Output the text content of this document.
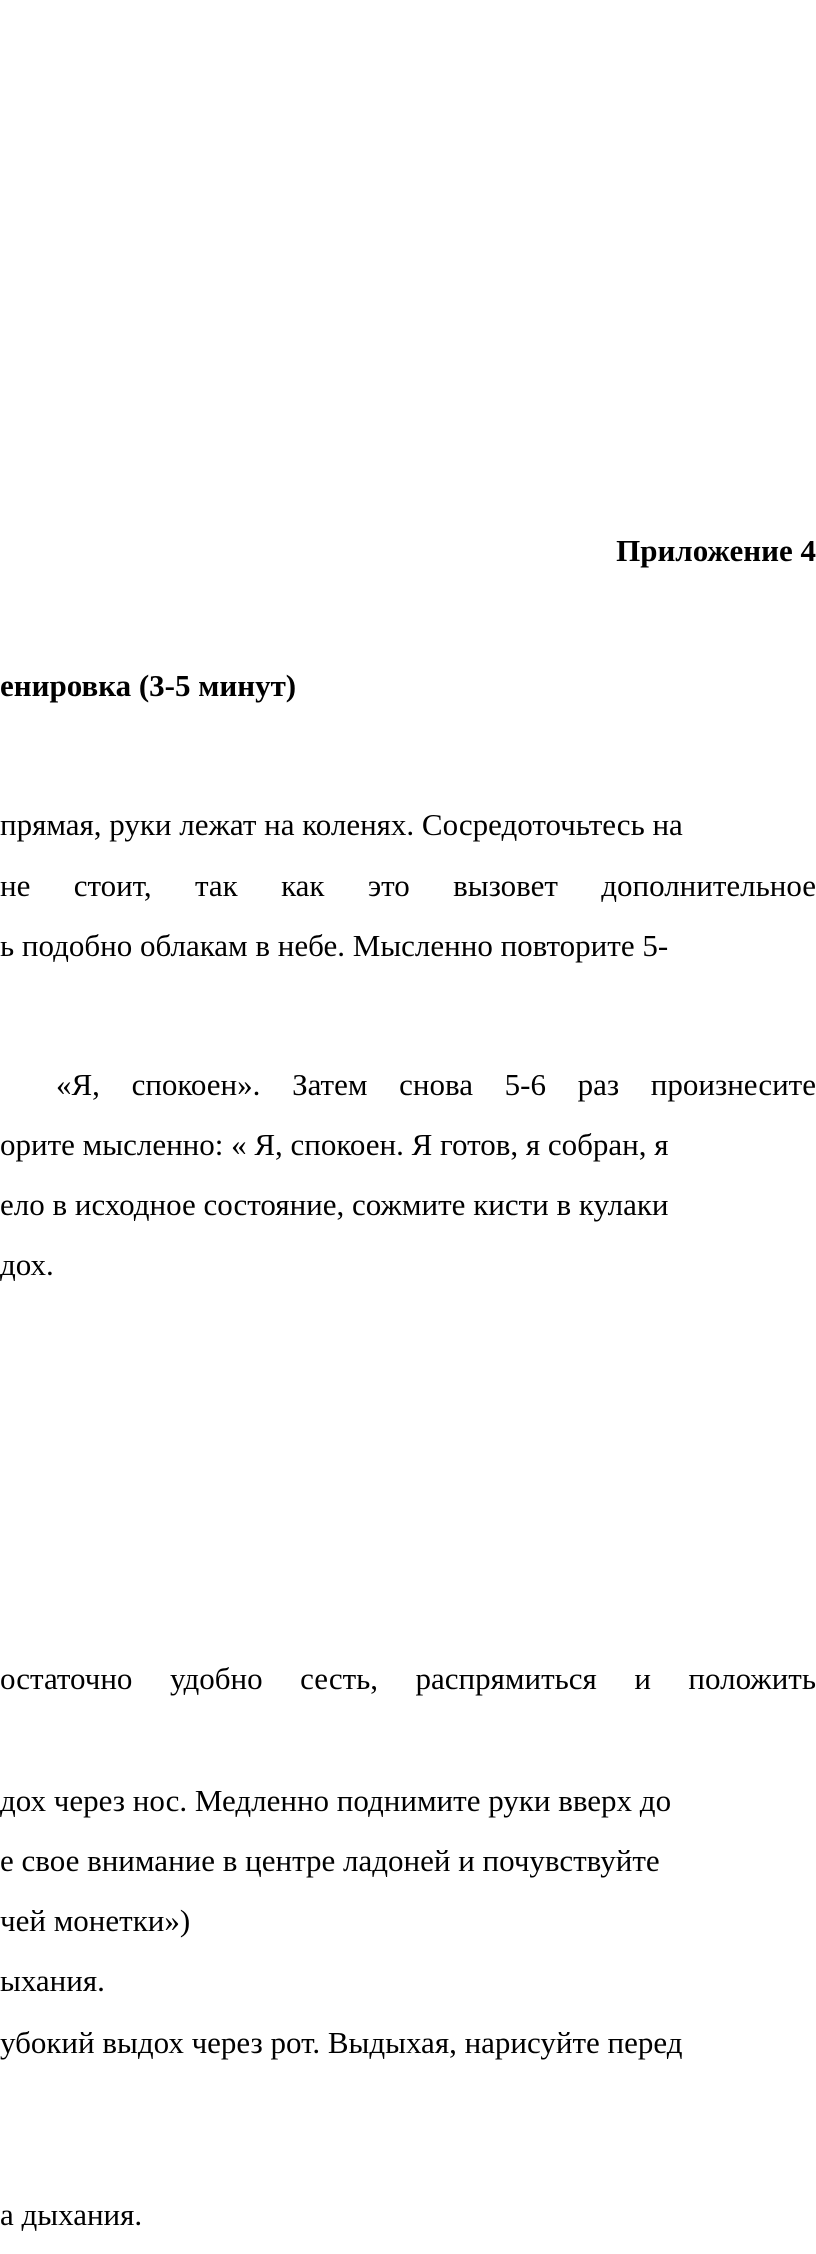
Приложение 4
енировка (3-5 минут)
прямая, руки лежат на коленях. Сосредоточьтесь на
не стоит, так как это вызовет дополнительное
ь подобно облакам в небе. Мысленно повторите 5-
«Я, спокоен». Затем снова 5-6 раз произнесите
орите мысленно: « Я, спокоен. Я готов, я собран, я
ело в исходное состояние, сожмите кисти в кулаки
дох.
остаточно удобно сесть, распрямиться и положить
дох через нос. Медленно поднимите руки вверх до
е свое внимание в центре ладоней и почувствуйте
чей монетки»)
ыхания.
убокий выдох через рот. Выдыхая, нарисуйте перед
а дыхания.
